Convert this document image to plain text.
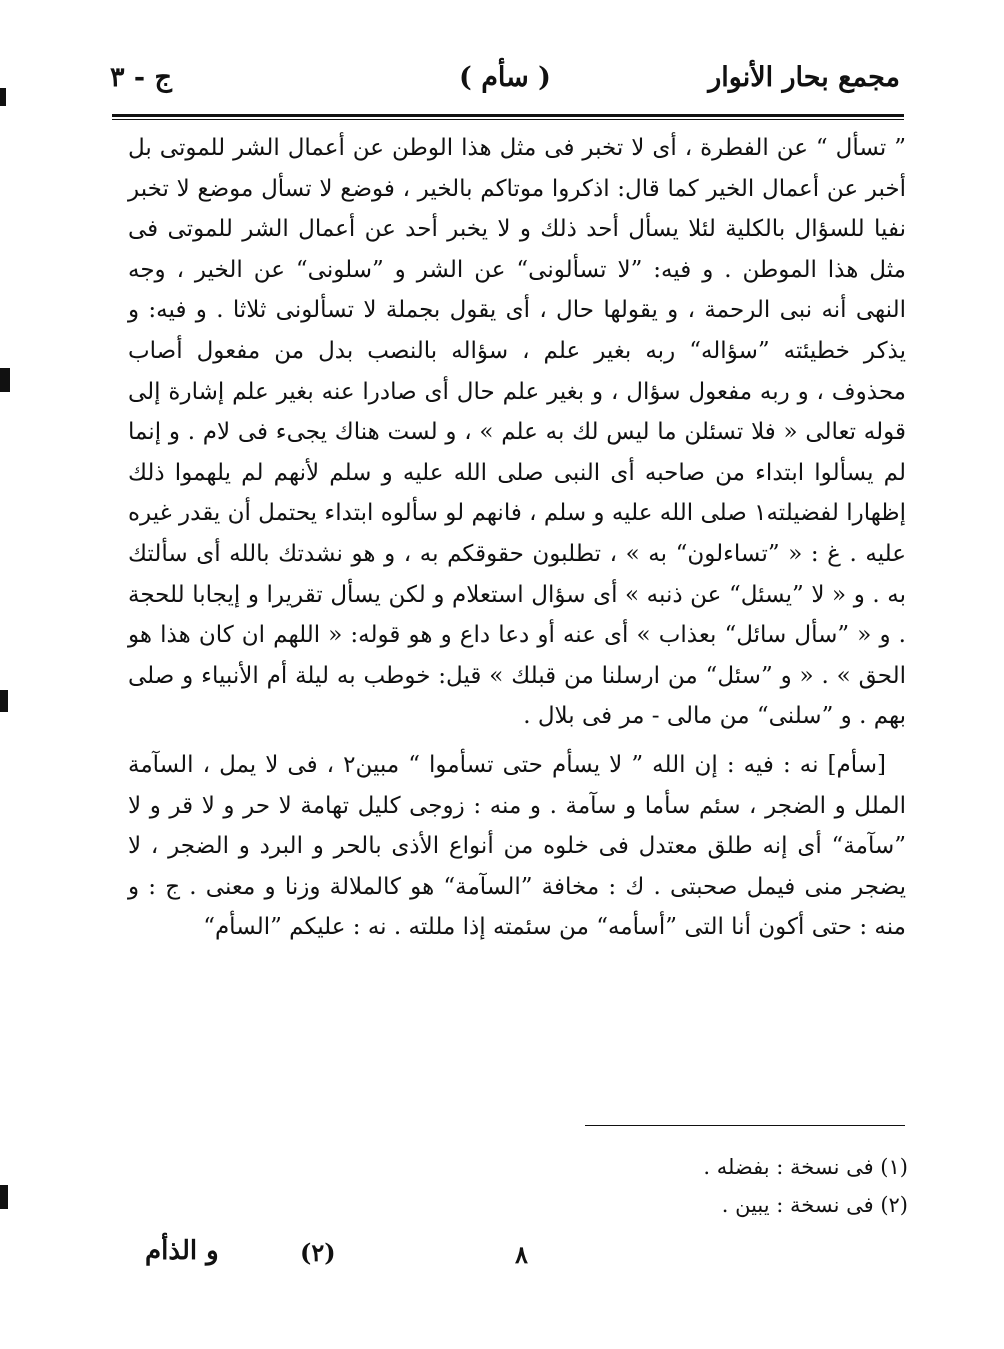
مجمع بحار الأنوار
( سأم )
ج - ٣

” تسأل “ عن الفطرة ، أى لا تخبر فى مثل هذا الوطن عن أعمال الشر للموتى بل أخبر عن أعمال الخير كما قال: اذكروا موتاكم بالخير ، فوضع لا تسأل موضع لا تخبر نفيا للسؤال بالكلية لئلا يسأل أحد ذلك و لا يخبر أحد عن أعمال الشر للموتى فى مثل هذا الموطن . و فيه: ”لا تسألونى“ عن الشر و ”سلونى“ عن الخير ، وجه النهى أنه نبى الرحمة ، و يقولها حال ، أى يقول بجملة لا تسألونى ثلاثا . و فيه: و يذكر خطيئته ”سؤاله“ ربه بغير علم ، سؤاله بالنصب بدل من مفعول أصاب محذوف ، و ربه مفعول سؤال ، و بغير علم حال أى صادرا عنه بغير علم إشارة إلى قوله تعالى « فلا تسئلن ما ليس لك به علم » ، و لست هناك يجىء فى لام . و إنما لم يسألوا ابتداء من صاحبه أى النبى صلى الله عليه و سلم لأنهم لم يلهموا ذلك إظهارا لفضيلته١ صلى الله عليه و سلم ، فانهم لو سألوه ابتداء يحتمل أن يقدر غيره عليه . غ : « ”تساءلون“ به » ، تطلبون حقوقكم به ، و هو نشدتك بالله أى سألتك به . و « لا ”يسئل“ عن ذنبه » أى سؤال استعلام و لكن يسأل تقريرا و إيجابا للحجة . و « ”سأل سائل“ بعذاب » أى عنه أو دعا داع و هو قوله: « اللهم ان كان هذا هو الحق » . « و ”سئل“ من ارسلنا من قبلك » قيل: خوطب به ليلة أم الأنبياء و صلى بهم . و ”سلنى“ من مالى - مر فى بلال .

[سأم] نه : فيه : إن الله ” لا يسأم حتى تسأموا “ مبين٢ ، فى لا يمل ، السآمة الملل و الضجر ، سئم سأما و سآمة . و منه : زوجى كليل تهامة لا حر و لا قر و لا ”سآمة“ أى إنه طلق معتدل فى خلوه من أنواع الأذى بالحر و البرد و الضجر ، لا يضجر منى فيمل صحبتى . ك : مخافة ”السآمة“ هو كالملالة وزنا و معنى . ج : و منه : حتى أكون أنا التى ”أسأمه“ من سئمته إذا مللته . نه : عليكم ”السأم“

(١) فى نسخة : بفضله .
(٢) فى نسخة : يبين .
٨
(٢)
و الذأم
